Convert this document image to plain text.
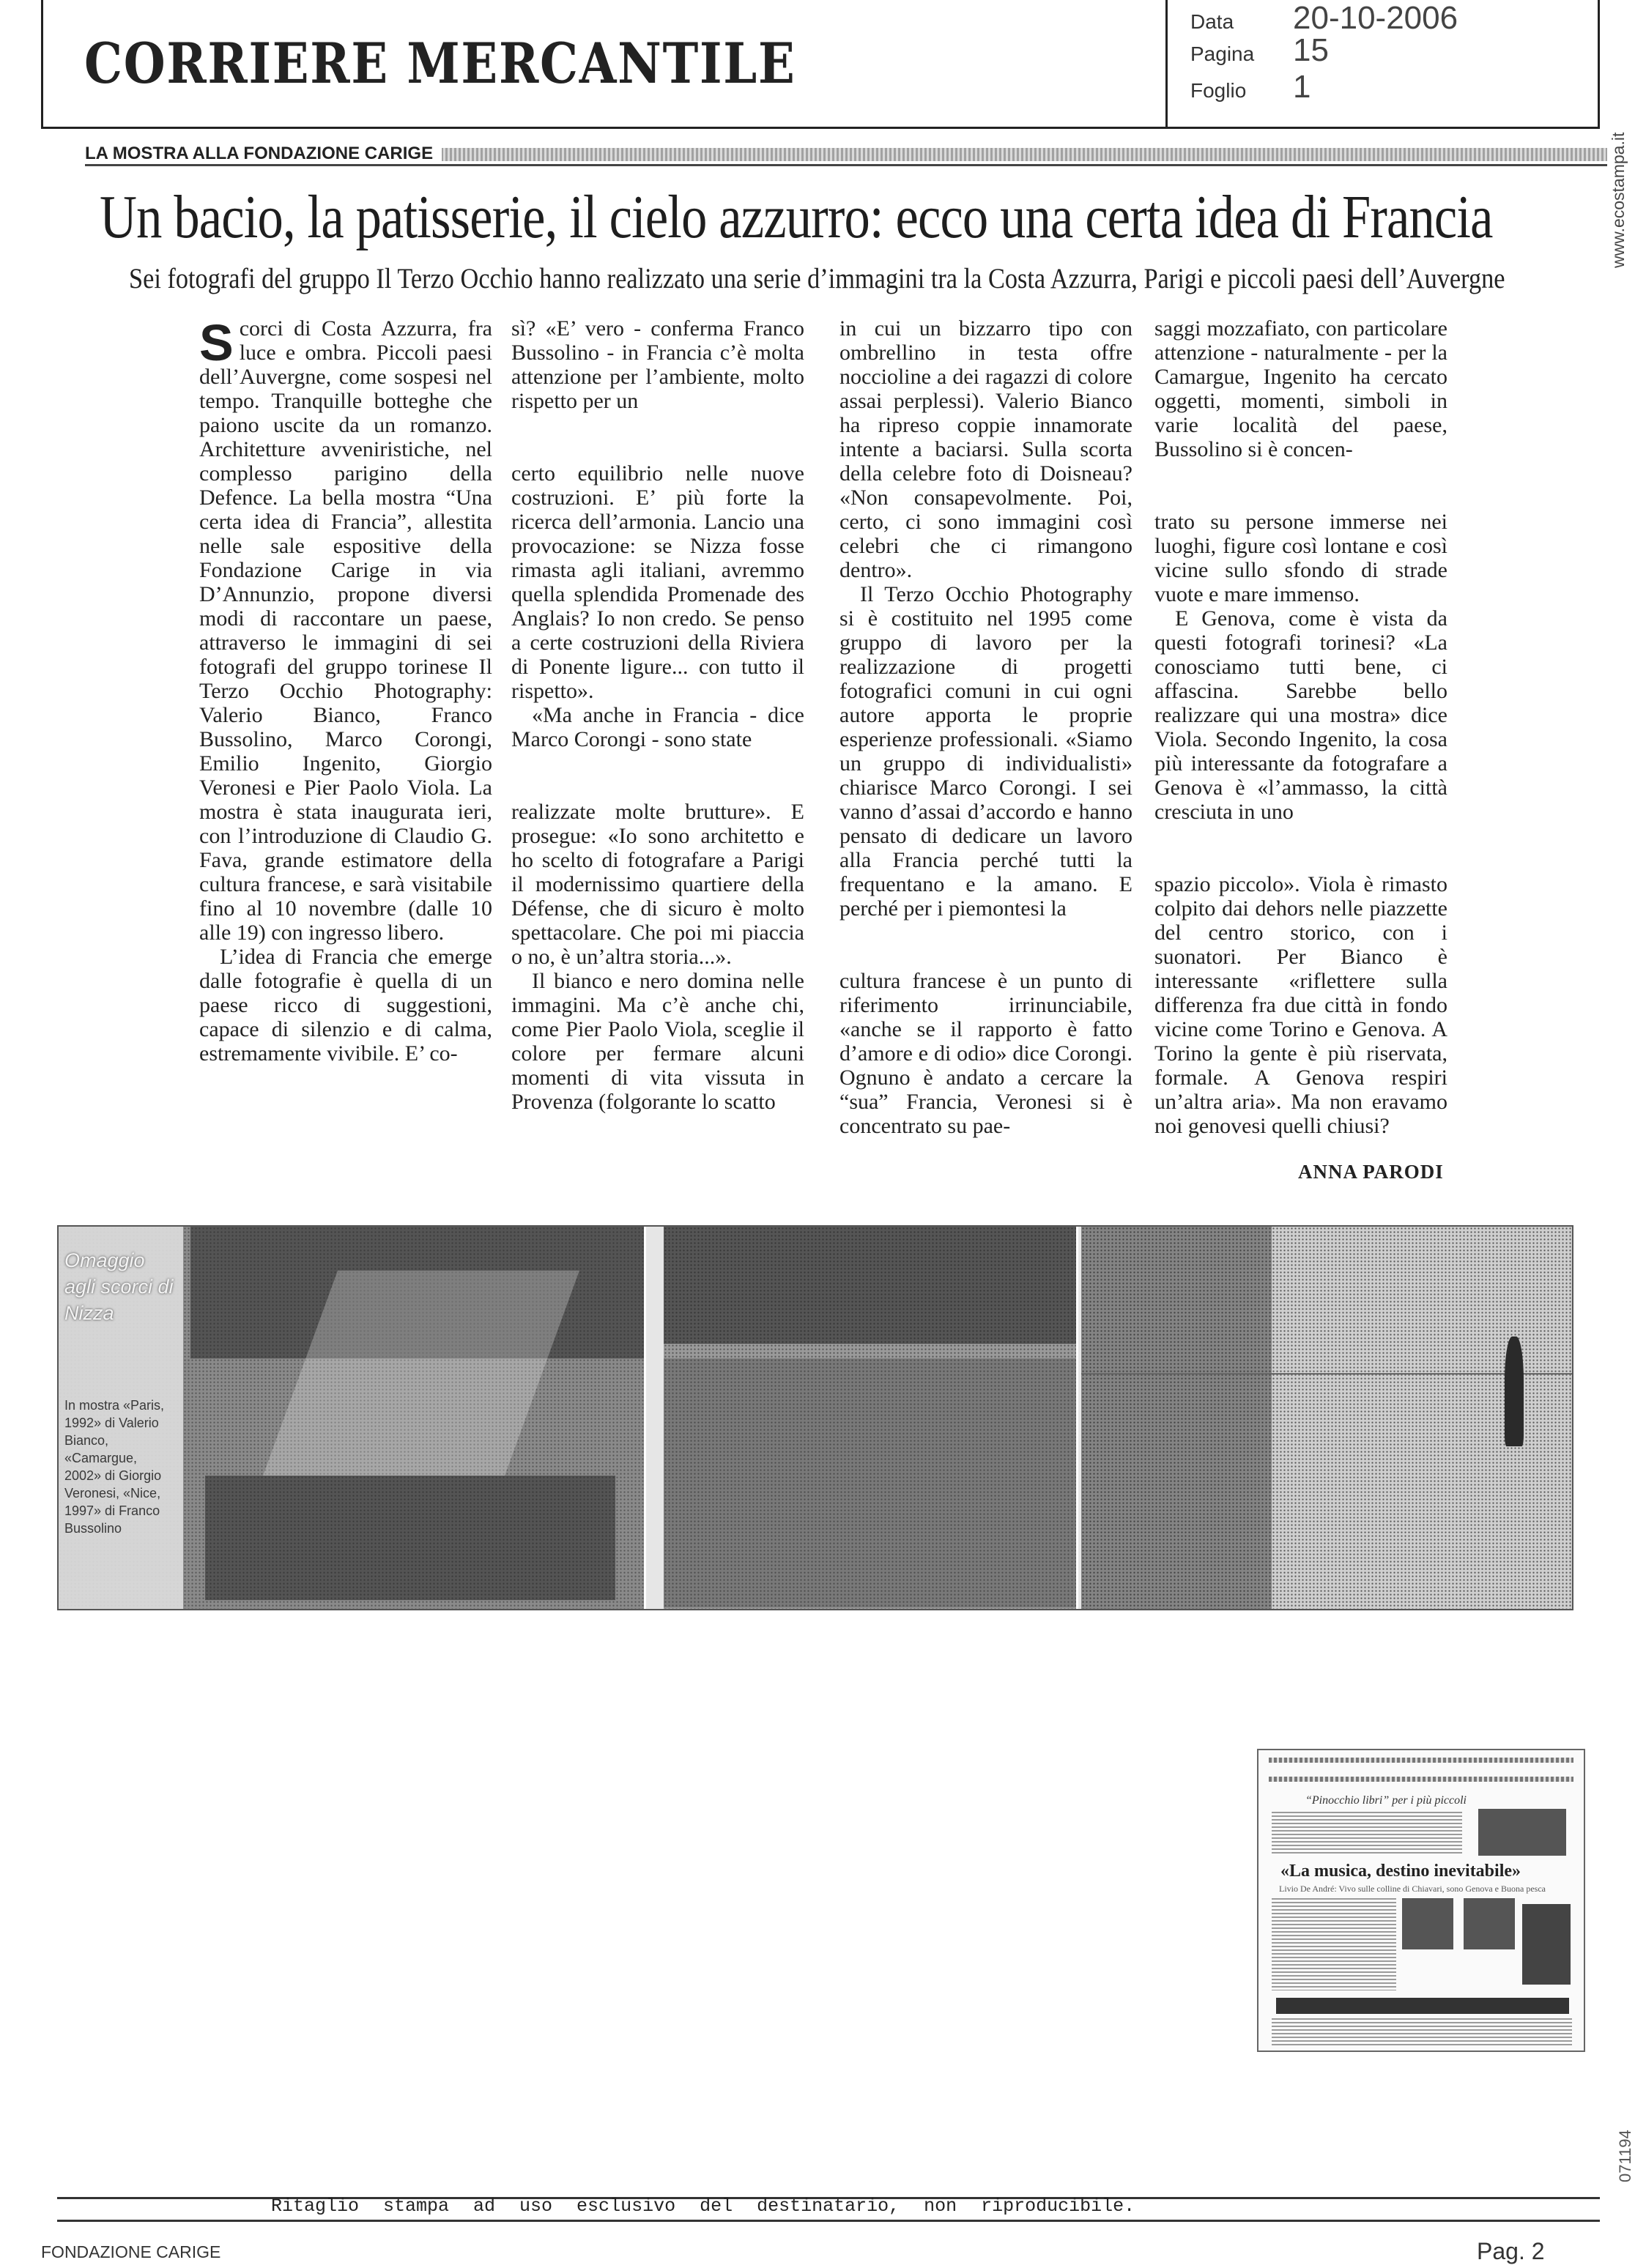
CORRIERE MERCANTILE
Data 20-10-2006
Pagina 15
Foglio 1
www.ecostampa.it
071194
LA MOSTRA ALLA FONDAZIONE CARIGE
Un bacio, la patisserie, il cielo azzurro: ecco una certa idea di Francia
Sei fotografi del gruppo Il Terzo Occhio hanno realizzato una serie d’immagini tra la Costa Azzurra, Parigi e piccoli paesi dell’Auvergne
S corci di Costa Azzurra, fra luce e ombra. Piccoli paesi dell’Auvergne, come sospesi nel tempo. Tranquille botteghe che paiono uscite da un romanzo. Architetture avveniristiche, nel complesso parigino della Defence. La bella mostra “Una certa idea di Francia”, allestita nelle sale espositive della Fondazione Carige in via D’Annunzio, propone diversi modi di raccontare un paese, attraverso le immagini di sei fotografi del gruppo torinese Il Terzo Occhio Photography: Valerio Bianco, Franco Bussolino, Marco Corongi, Emilio Ingenito, Giorgio Veronesi e Pier Paolo Viola. La mostra è stata inaugurata ieri, con l’introduzione di Claudio G. Fava, grande estimatore della cultura francese, e sarà visitabile fino al 10 novembre (dalle 10 alle 19) con ingresso libero.

L’idea di Francia che emerge dalle fotografie è quella di un paese ricco di suggestioni, capace di silenzio e di calma, estremamente vivibile. E’ co-

sì? «E’ vero - conferma Franco Bussolino - in Francia c’è molta attenzione per l’ambiente, molto rispetto per un

certo equilibrio nelle nuove costruzioni. E’ più forte la ricerca dell’armonia. Lancio una provocazione: se Nizza fosse rimasta agli italiani, avremmo quella splendida Promenade des Anglais? Io non credo. Se penso a certe costruzioni della Riviera di Ponente ligure... con tutto il rispetto».

«Ma anche in Francia - dice Marco Corongi - sono state

realizzate molte brutture». E prosegue: «Io sono architetto e ho scelto di fotografare a Parigi il modernissimo quartiere della Défense, che di sicuro è molto spettacolare. Che poi mi piaccia o no, è un’altra storia...».

Il bianco e nero domina nelle immagini. Ma c’è anche chi, come Pier Paolo Viola, sceglie il colore per fermare alcuni momenti di vita vissuta in Provenza (folgorante lo scatto

in cui un bizzarro tipo con ombrellino in testa offre noccioline a dei ragazzi di colore assai perplessi). Valerio Bianco ha ripreso coppie innamorate intente a baciarsi. Sulla scorta della celebre foto di Doisneau? «Non consapevolmente. Poi, certo, ci sono immagini così celebri che ci rimangono dentro».

Il Terzo Occhio Photography si è costituito nel 1995 come gruppo di lavoro per la realizzazione di progetti fotografici comuni in cui ogni autore apporta le proprie esperienze professionali. «Siamo un gruppo di individualisti» chiarisce Marco Corongi. I sei vanno d’assai d’accordo e hanno pensato di dedicare un lavoro alla Francia perché tutti la frequentano e la amano. E perché per i piemontesi la

cultura francese è un punto di riferimento irrinunciabile, «anche se il rapporto è fatto d’amore e di odio» dice Corongi. Ognuno è andato a cercare la “sua” Francia, Veronesi si è concentrato su pae-

saggi mozzafiato, con particolare attenzione - naturalmente - per la Camargue, Ingenito ha cercato oggetti, momenti, simboli in varie località del paese, Bussolino si è concen-

trato su persone immerse nei luoghi, figure così lontane e così vicine sullo sfondo di strade vuote e mare immenso.

E Genova, come è vista da questi fotografi torinesi? «La conosciamo tutti bene, ci affascina. Sarebbe bello realizzare qui una mostra» dice Viola. Secondo Ingenito, la cosa più interessante da fotografare a Genova è «l’ammasso, la città cresciuta in uno

spazio piccolo». Viola è rimasto colpito dai dehors nelle piazzette del centro storico, con i suonatori. Per Bianco è interessante «riflettere sulla differenza fra due città in fondo vicine come Torino e Genova. A Torino la gente è più riservata, formale. A Genova respiri un’altra aria». Ma non eravamo noi genovesi quelli chiusi?

ANNA PARODI
Omaggio agli scorci di Nizza
In mostra «Paris, 1992» di Valerio Bianco, «Camargue, 2002» di Giorgio Veronesi, «Nice, 1997» di Franco Bussolino
“Pinocchio libri” per i più piccoli
«La musica, destino inevitabile»
Livio De André: Vivo sulle colline di Chiavari, sono Genova e Buona pesca
Ritaglio stampa ad uso esclusivo del destinatario, non riproducibile.
FONDAZIONE CARIGE	Pag. 2
